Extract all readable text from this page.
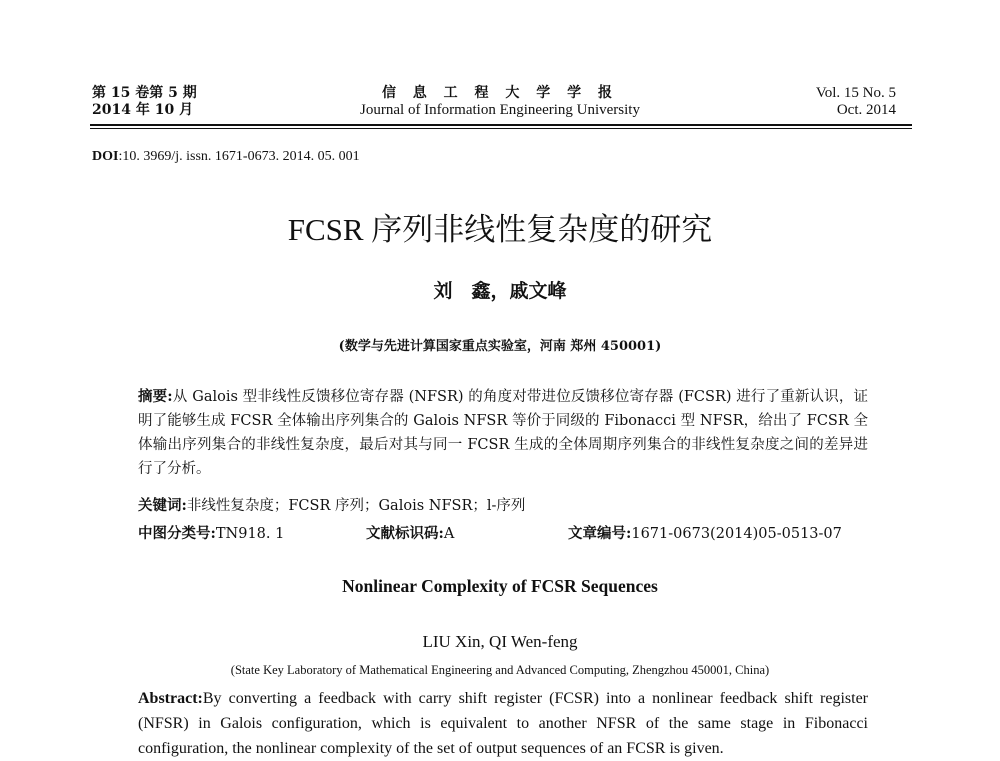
第 15 卷第 5 期
2014 年 10 月
信 息 工 程 大 学 学 报
Journal of Information Engineering University
Vol. 15 No. 5
Oct. 2014
DOI:10. 3969/j. issn. 1671-0673. 2014. 05. 001
FCSR 序列非线性复杂度的研究
刘　鑫，戚文峰
(数学与先进计算国家重点实验室，河南 郑州 450001)
摘要:从 Galois 型非线性反馈移位寄存器 (NFSR) 的角度对带进位反馈移位寄存器 (FCSR) 进行了重新认识，证明了能够生成 FCSR 全体输出序列集合的 Galois NFSR 等价于同级的 Fibonacci 型 NFSR，给出了 FCSR 全体输出序列集合的非线性复杂度，最后对其与同一 FCSR 生成的全体周期序列集合的非线性复杂度之间的差异进行了分析。
关键词:非线性复杂度；FCSR 序列；Galois NFSR；l-序列
中图分类号:TN918. 1	文献标识码:A	文章编号:1671-0673(2014)05-0513-07
Nonlinear Complexity of FCSR Sequences
LIU Xin, QI Wen-feng
(State Key Laboratory of Mathematical Engineering and Advanced Computing, Zhengzhou 450001, China)
Abstract:By converting a feedback with carry shift register (FCSR) into a nonlinear feedback shift register (NFSR) in Galois configuration, which is equivalent to another NFSR of the same stage in Fibonacci configuration, the nonlinear complexity of the set of output sequences of an FCSR is given.
